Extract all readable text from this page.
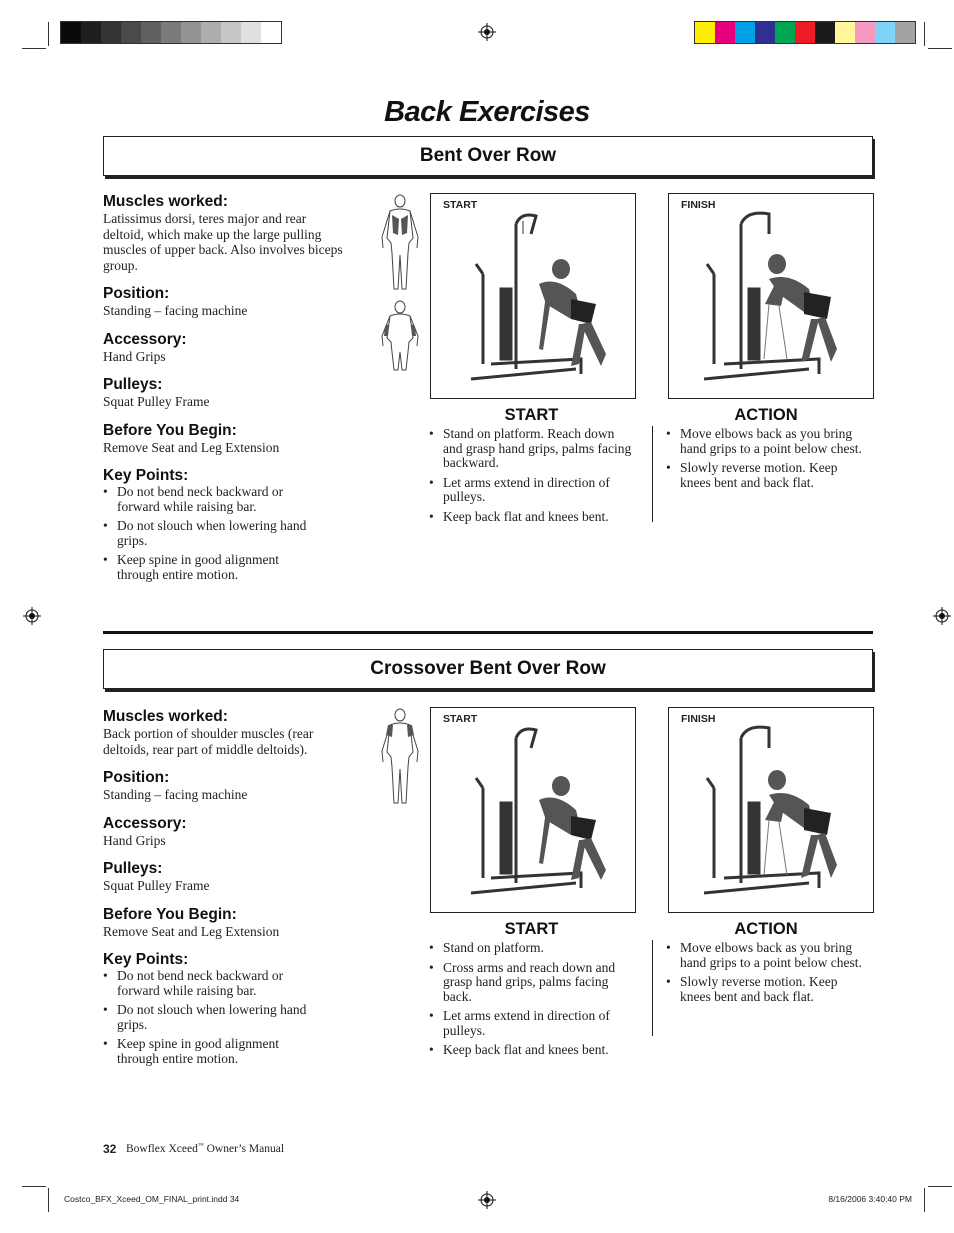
Back Exercises
Bent Over Row
Muscles worked:

Latissimus dorsi, teres major and rear deltoid, which make up the large pulling muscles of upper back. Also involves biceps group.

Position:

Standing – facing machine

Accessory:

Hand Grips

Pulleys:

Squat Pulley Frame

Before You Begin:

Remove Seat and Leg Extension

Key Points:
• Do not bend neck backward or forward while raising bar.
• Do not slouch when lowering hand grips.
• Keep spine in good alignment through entire motion.
START	FINISH
START
• Stand on platform. Reach down and grasp hand grips, palms facing backward.
• Let arms extend in direction of pulleys.
• Keep back flat and knees bent.
ACTION
• Move elbows back as you bring hand grips to a point below chest.
• Slowly reverse motion. Keep knees bent and back flat.
Crossover Bent Over Row
Muscles worked:

Back portion of shoulder muscles (rear deltoids, rear part of middle deltoids).

Position:

Standing – facing machine

Accessory:

Hand Grips

Pulleys:

Squat Pulley Frame

Before You Begin:

Remove Seat and Leg Extension

Key Points:
• Do not bend neck backward or forward while raising bar.
• Do not slouch when lowering hand grips.
• Keep spine in good alignment through entire motion.
START	FINISH
START
• Stand on platform.
• Cross arms and reach down and grasp hand grips, palms facing back.
• Let arms extend in direction of pulleys.
• Keep back flat and knees bent.
ACTION
• Move elbows back as you bring hand grips to a point below chest.
• Slowly reverse motion. Keep knees bent and back flat.
32 Bowflex Xceed™ Owner’s Manual
Costco_BFX_Xceed_OM_FINAL_print.indd 34	8/16/2006 3:40:40 PM
